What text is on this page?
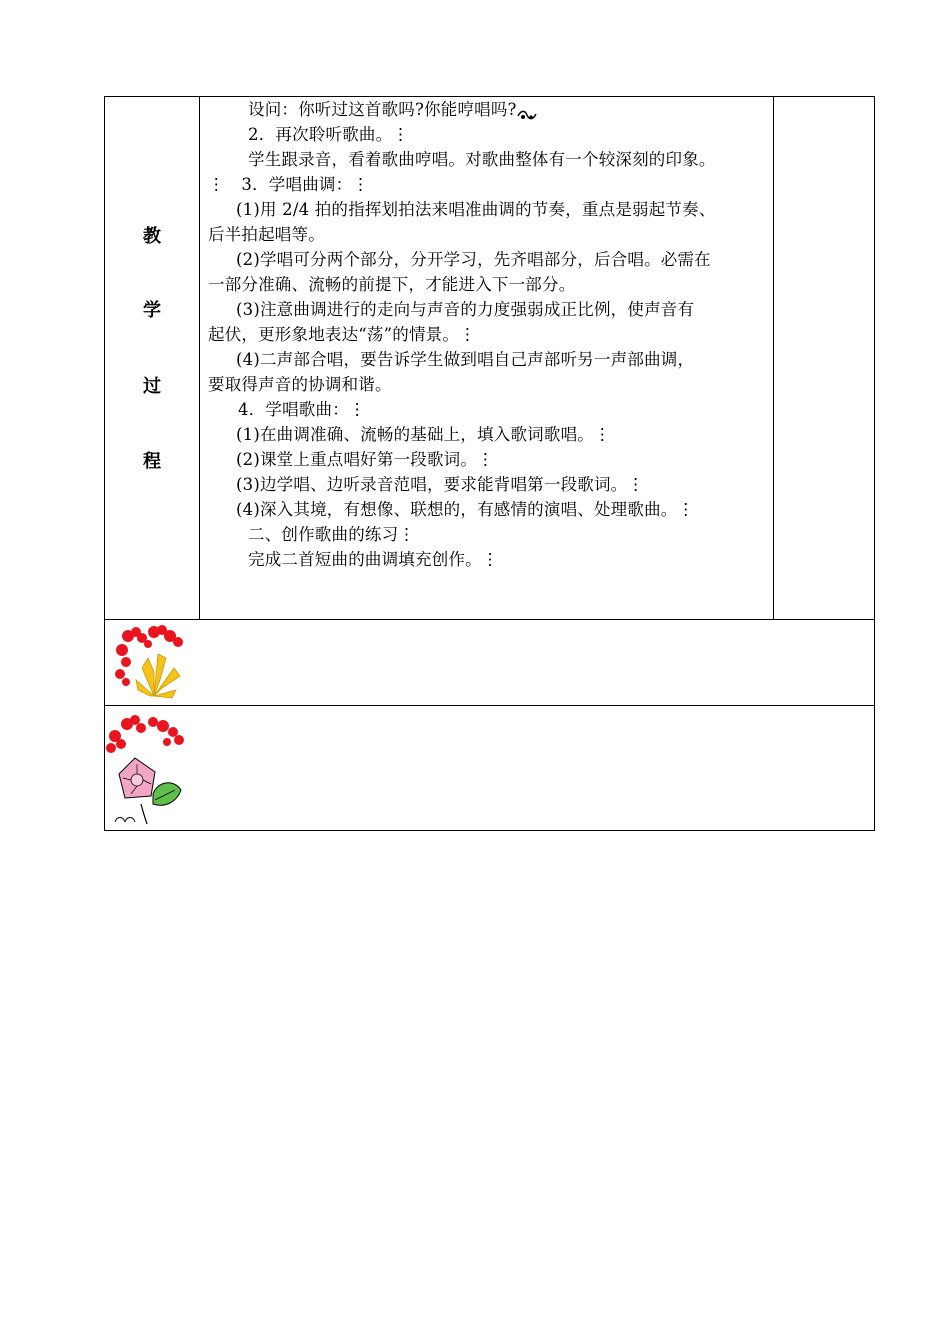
教
学
过
程
设问：你听过这首歌吗?你能哼唱吗?
2．再次聆听歌曲。⋮
学生跟录音，看着歌曲哼唱。对歌曲整体有一个较深刻的印象。
⋮　3．学唱曲调：⋮
(1)用 2/4 拍的指挥划拍法来唱准曲调的节奏，重点是弱起节奏、
后半拍起唱等。
(2)学唱可分两个部分，分开学习，先齐唱部分，后合唱。必需在
一部分准确、流畅的前提下，才能进入下一部分。
(3)注意曲调进行的走向与声音的力度强弱成正比例，使声音有
起伏，更形象地表达“荡”的情景。⋮
(4)二声部合唱，要告诉学生做到唱自己声部听另一声部曲调，
要取得声音的协调和谐。
4．学唱歌曲：⋮
(1)在曲调准确、流畅的基础上，填入歌词歌唱。⋮
(2)课堂上重点唱好第一段歌词。⋮
(3)边学唱、边听录音范唱，要求能背唱第一段歌词。⋮
(4)深入其境，有想像、联想的，有感情的演唱、处理歌曲。⋮
二、创作歌曲的练习⋮
完成二首短曲的曲调填充创作。⋮
